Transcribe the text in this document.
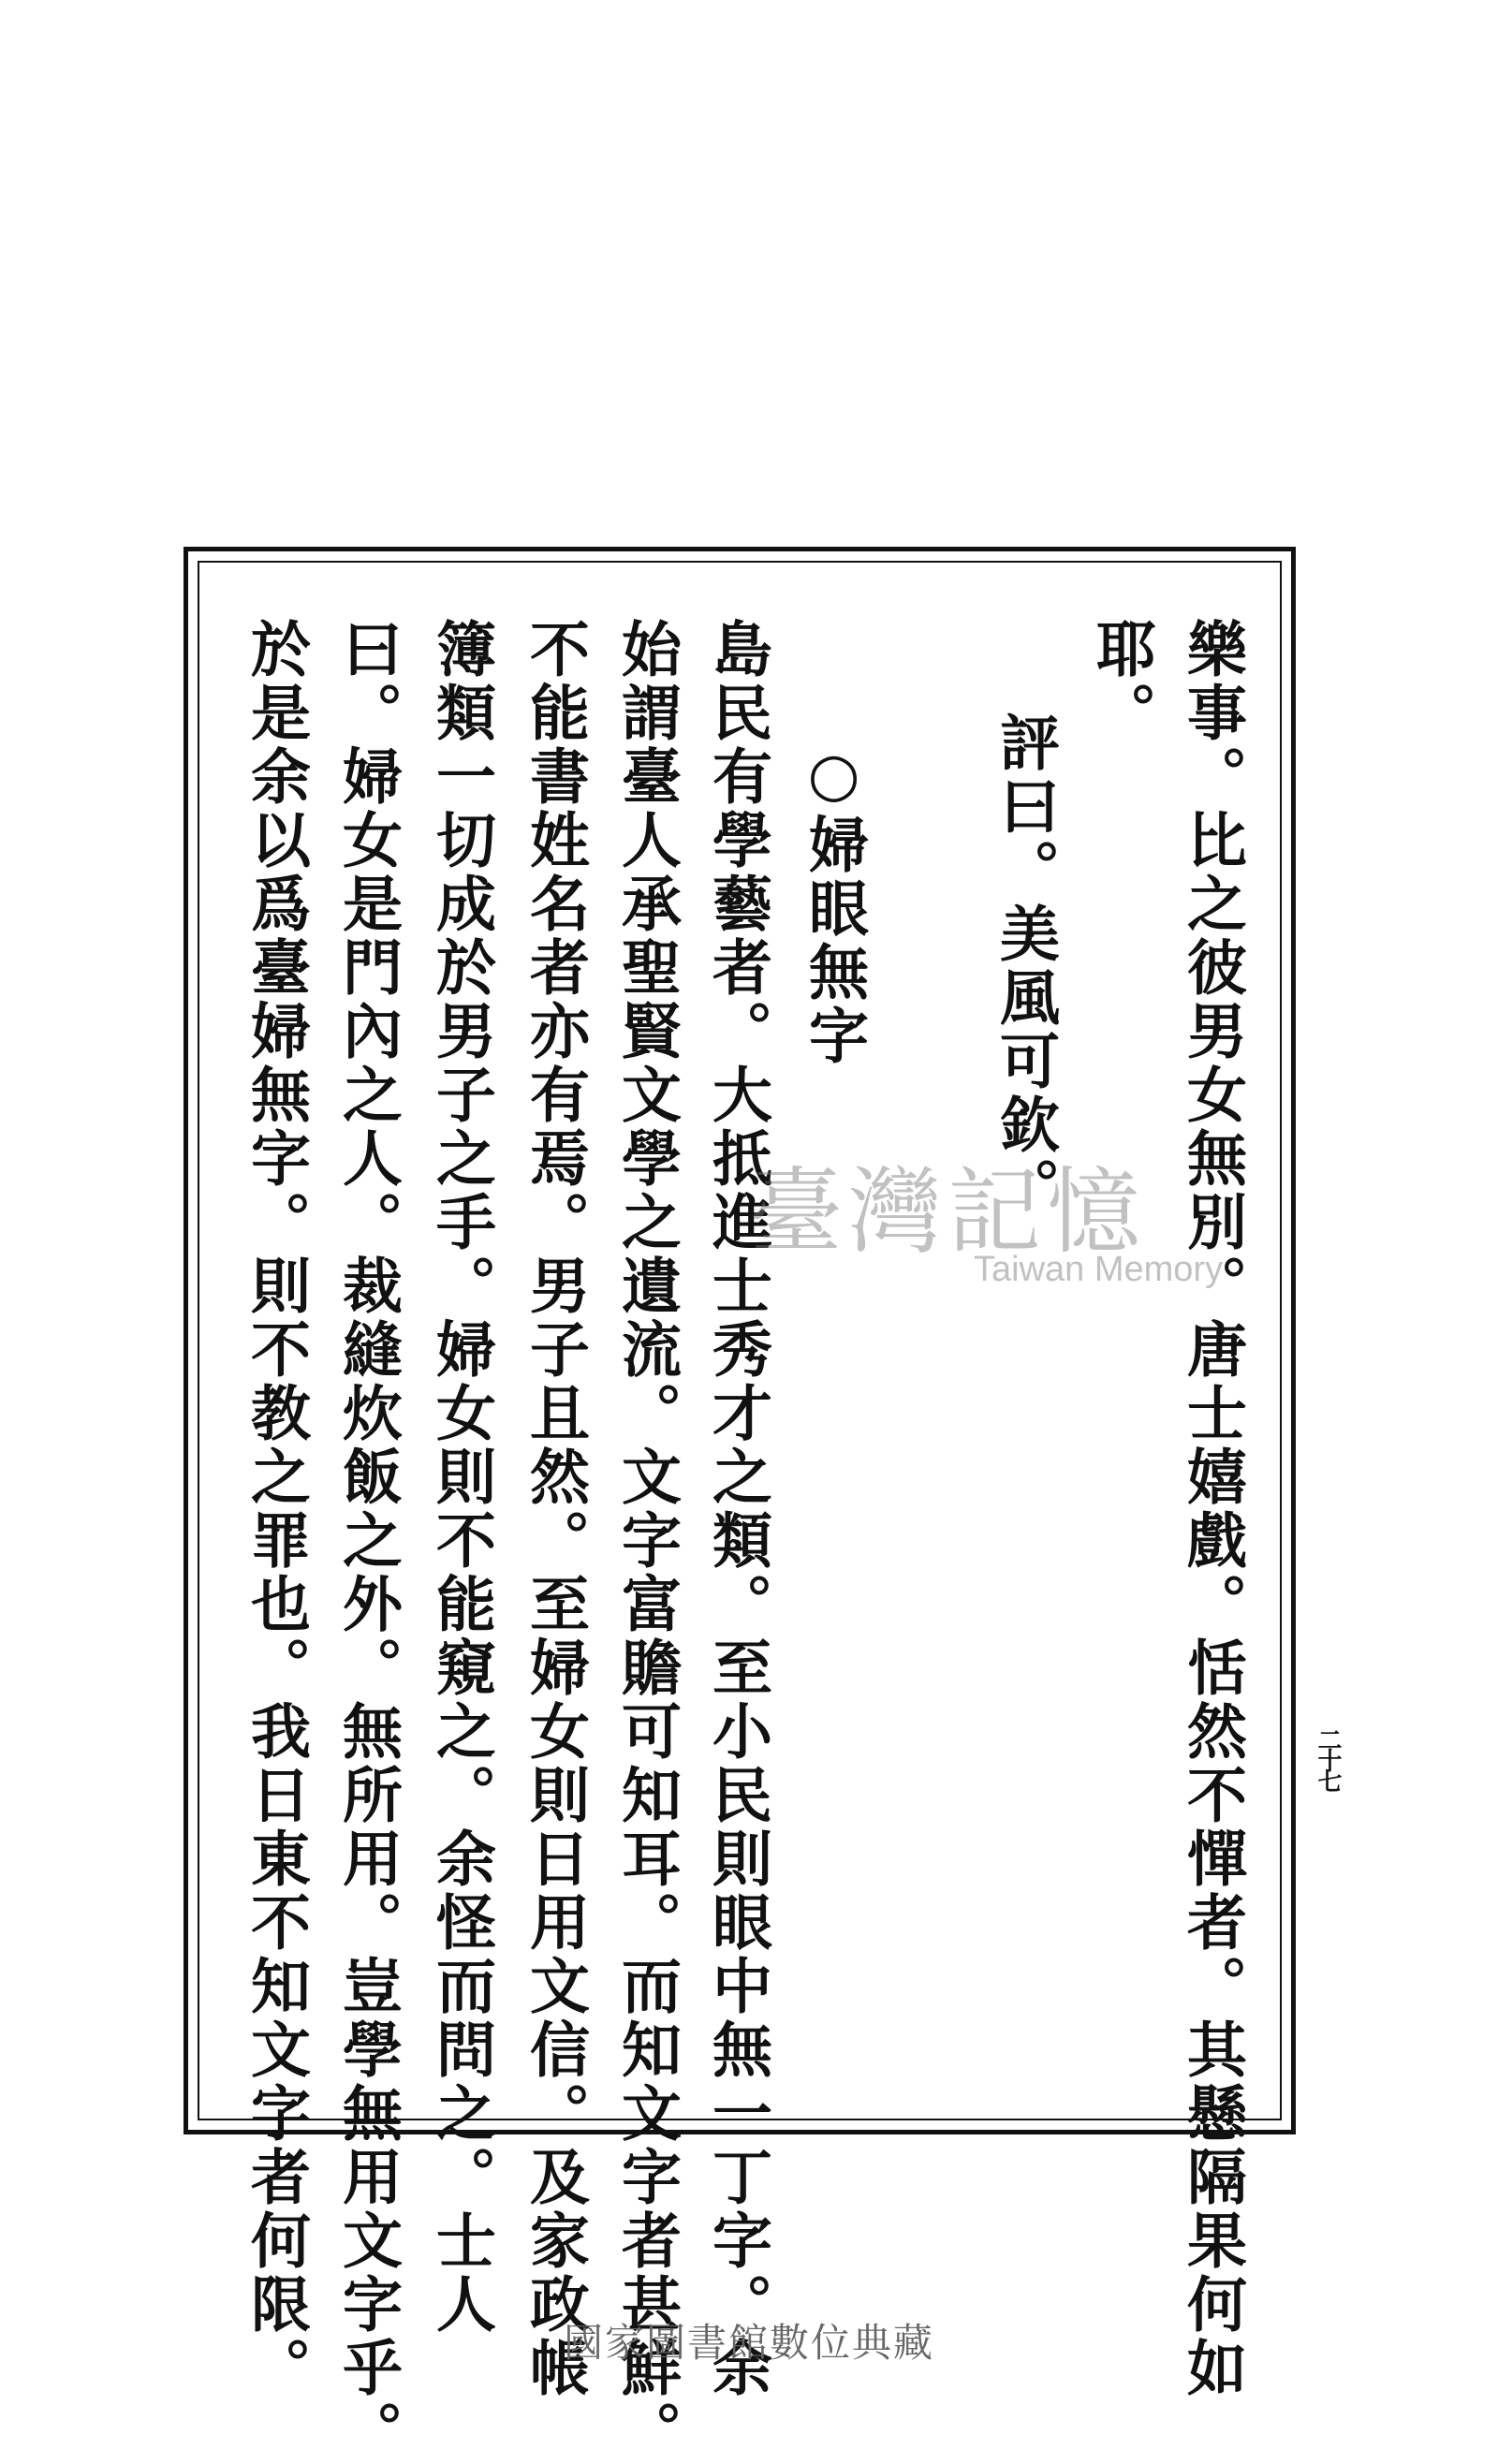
樂事。比之彼男女無別。唐士嬉戲。恬然不憚者。其懸隔果何如
耶。
評曰。美風可欽。
○婦眼無字
島民有學藝者。大抵進士秀才之類。至小民則眼中無一丁字。余
始謂臺人承聖賢文學之遺流。文字富贍可知耳。而知文字者甚鮮。
不能書姓名者亦有焉。男子且然。至婦女則日用文信。及家政帳
簿類一切成於男子之手。婦女則不能窺之。余怪而問之。士人
曰。婦女是門內之人。裁縫炊飯之外。無所用。豈學無用文字乎。
於是余以爲臺婦無字。則不教之罪也。我日東不知文字者何限。	二十七
臺灣記憶
Taiwan Memory
國家圖書館數位典藏
